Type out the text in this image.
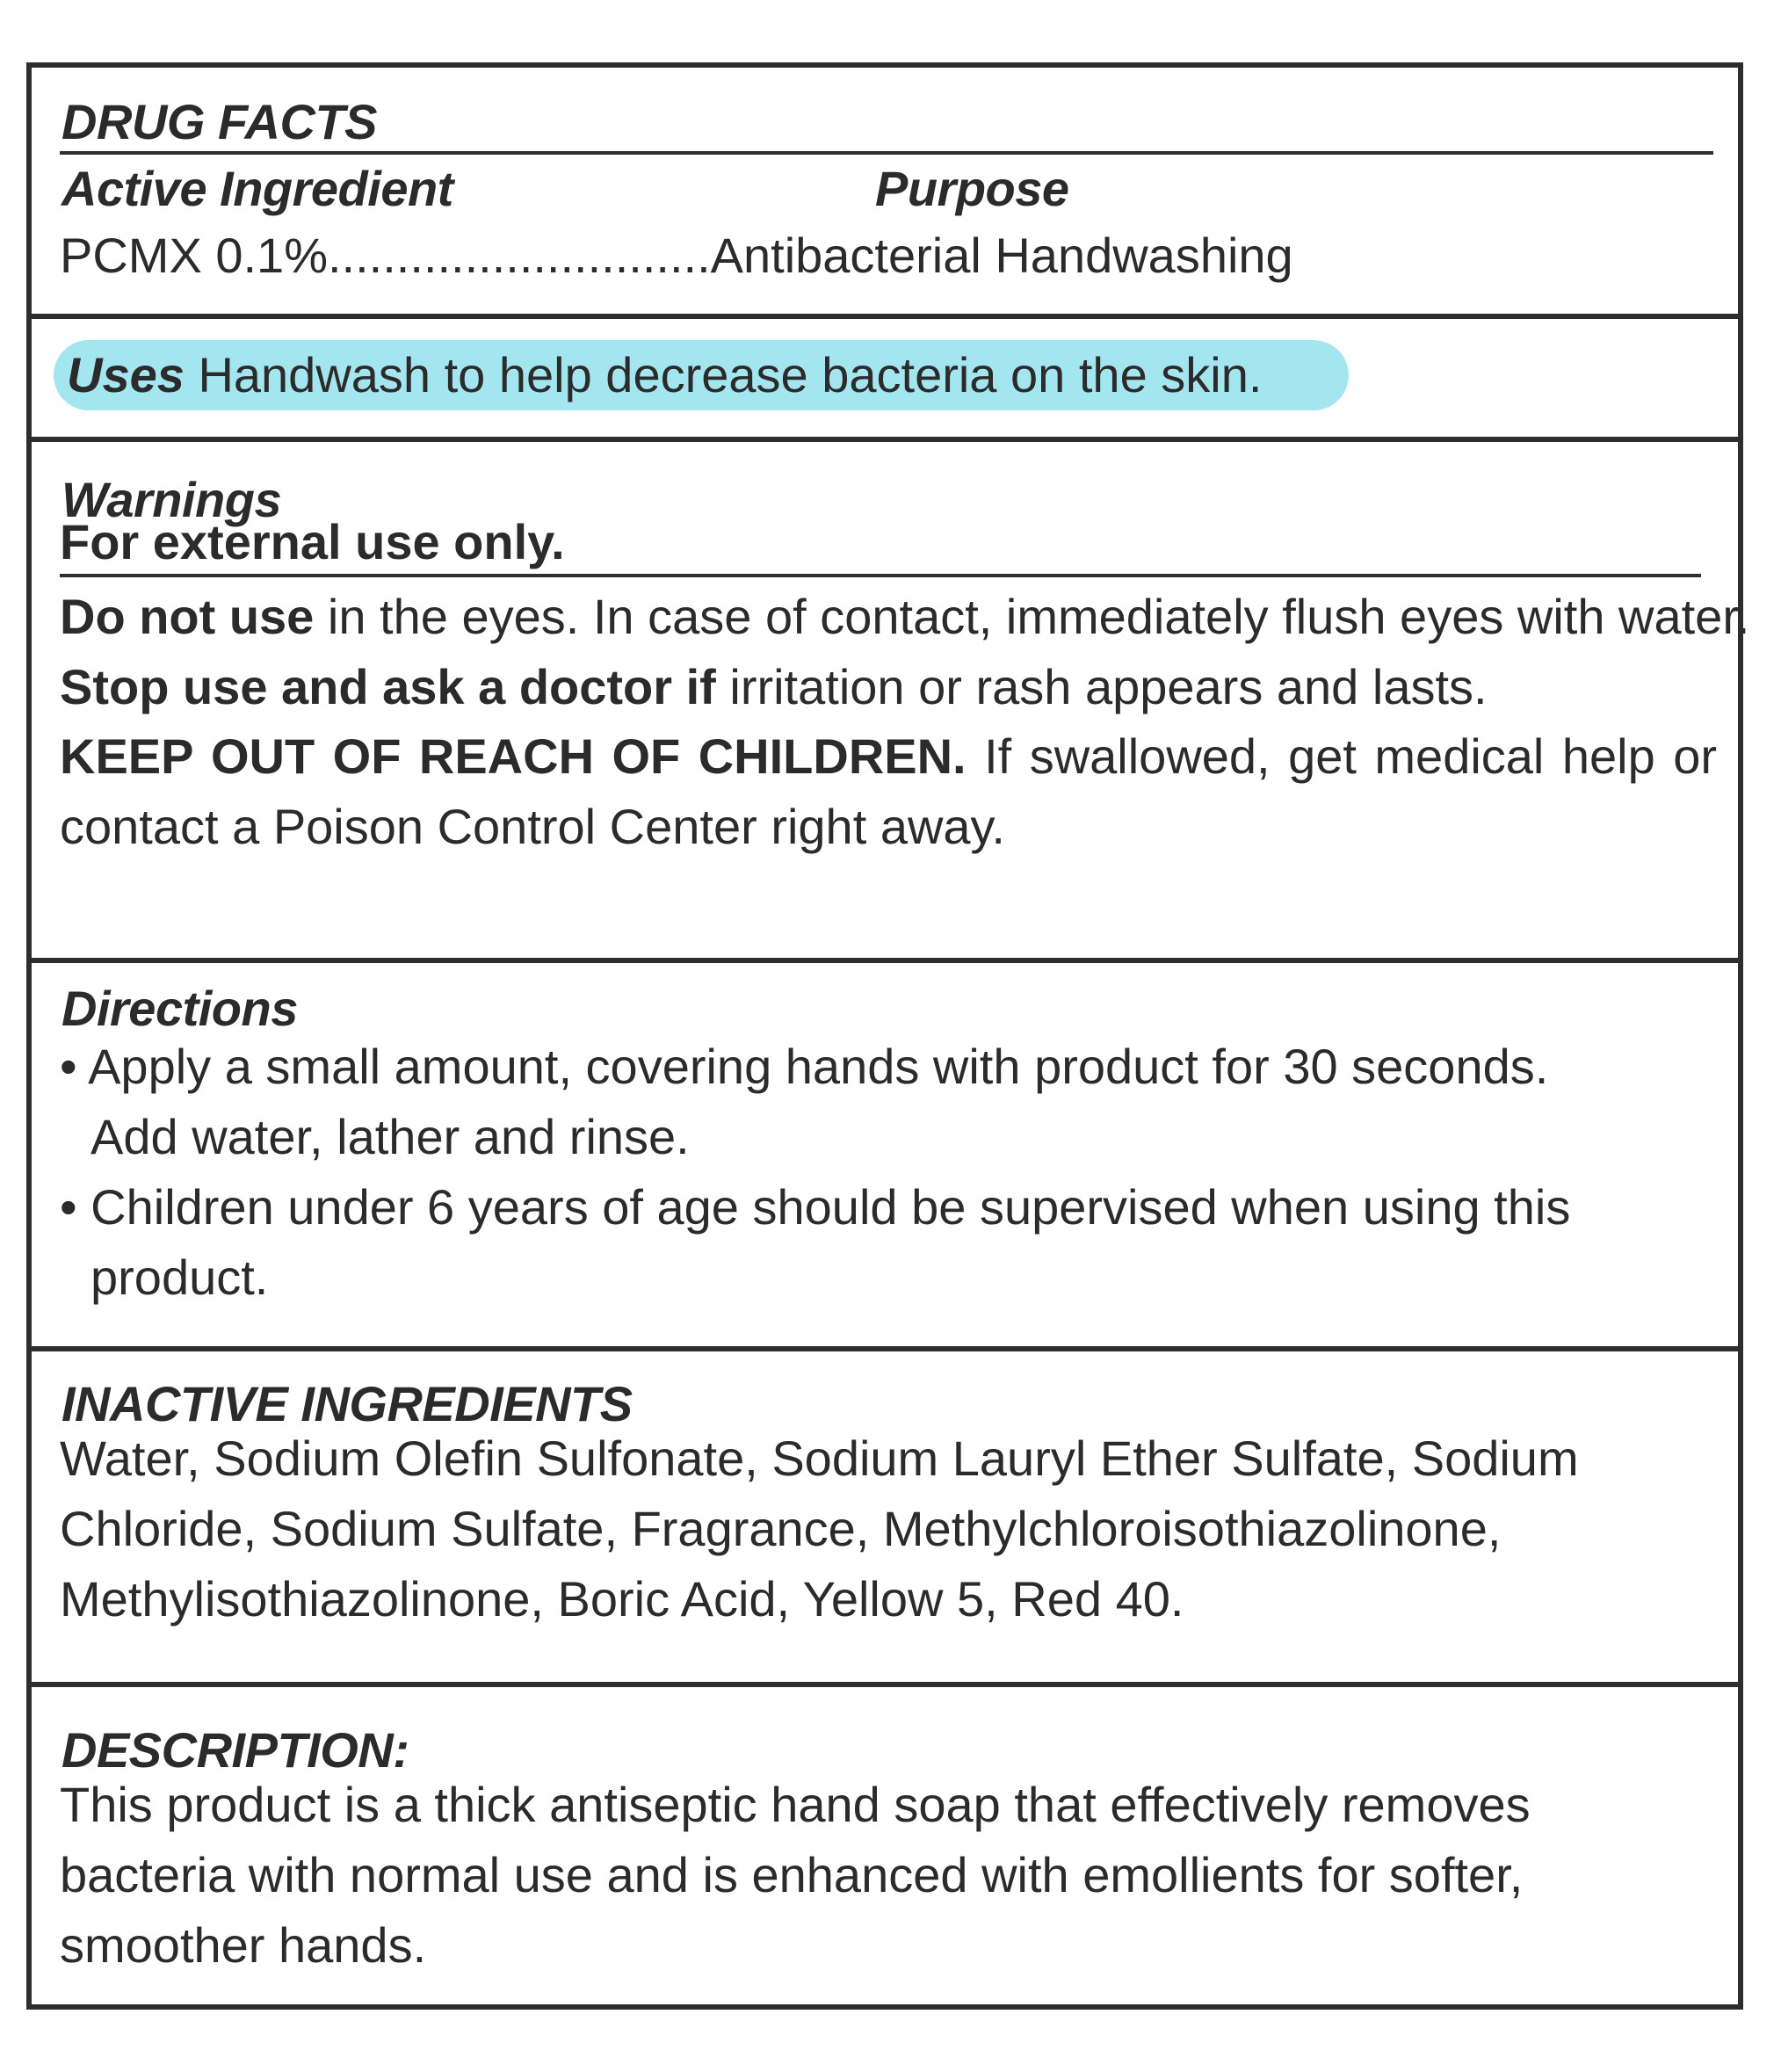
DRUG FACTS
Active Ingredient	Purpose
PCMX 0.1%............................Antibacterial Handwashing
Uses Handwash to help decrease bacteria on the skin.
Warnings
For external use only.
Do not use in the eyes. In case of contact, immediately flush eyes with water.
Stop use and ask a doctor if irritation or rash appears and lasts.
KEEP OUT OF REACH OF CHILDREN. If swallowed, get medical help or contact a Poison Control Center right away.
Directions
• Apply a small amount, covering hands with product for 30 seconds.
Add water, lather and rinse.
• Children under 6 years of age should be supervised when using this
product.
INACTIVE INGREDIENTS
Water, Sodium Olefin Sulfonate, Sodium Lauryl Ether Sulfate, Sodium
Chloride, Sodium Sulfate, Fragrance, Methylchloroisothiazolinone,
Methylisothiazolinone, Boric Acid, Yellow 5, Red 40.
DESCRIPTION:
This product is a thick antiseptic hand soap that effectively removes
bacteria with normal use and is enhanced with emollients for softer,
smoother hands.
